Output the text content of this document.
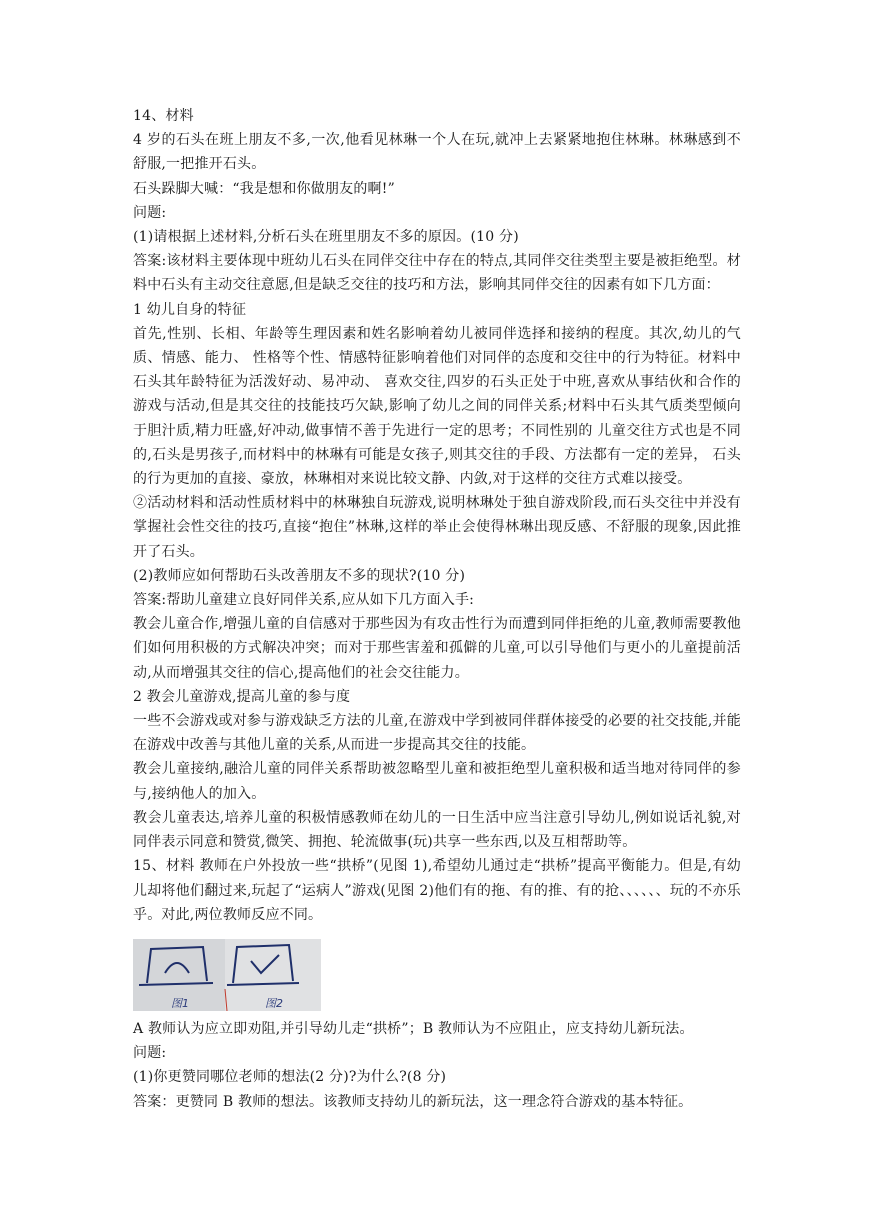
14、材料

4 岁的石头在班上朋友不多,一次,他看见林琳一个人在玩,就冲上去紧紧地抱住林琳。林琳感到不舒服,一把推开石头。

石头跺脚大喊：“我是想和你做朋友的啊!”

问题:

(1)请根据上述材料,分析石头在班里朋友不多的原因。(10 分)

答案:该材料主要体现中班幼儿石头在同伴交往中存在的特点,其同伴交往类型主要是被拒绝型。材料中石头有主动交往意愿,但是缺乏交往的技巧和方法，影响其同伴交往的因素有如下几方面：

1 幼儿自身的特征

首先,性别、长相、年龄等生理因素和姓名影响着幼儿被同伴选择和接纳的程度。其次,幼儿的气质、情感、能力、 性格等个性、情感特征影响着他们对同伴的态度和交往中的行为特征。材料中石头其年龄特征为活泼好动、易冲动、 喜欢交往,四岁的石头正处于中班,喜欢从事结伙和合作的游戏与活动,但是其交往的技能技巧欠缺,影响了幼儿之间的同伴关系;材料中石头其气质类型倾向于胆汁质,精力旺盛,好冲动,做事情不善于先进行一定的思考；不同性别的 儿童交往方式也是不同的,石头是男孩子,而材料中的林琳有可能是女孩子,则其交往的手段、方法都有一定的差异， 石头的行为更加的直接、豪放，林琳相对来说比较文静、内敛,对于这样的交往方式难以接受。

②活动材料和活动性质材料中的林琳独自玩游戏,说明林琳处于独自游戏阶段,而石头交往中并没有掌握社会性交往的技巧,直接“抱住”林琳,这样的举止会使得林琳出现反感、不舒服的现象,因此推开了石头。

(2)教师应如何帮助石头改善朋友不多的现状?(10 分)

答案:帮助儿童建立良好同伴关系,应从如下几方面入手:

教会儿童合作,增强儿童的自信感对于那些因为有攻击性行为而遭到同伴拒绝的儿童,教师需要教他们如何用积极的方式解决冲突；而对于那些害羞和孤僻的儿童,可以引导他们与更小的儿童提前活动,从而增强其交往的信心,提高他们的社会交往能力。

2 教会儿童游戏,提高儿童的参与度

一些不会游戏或对参与游戏缺乏方法的儿童,在游戏中学到被同伴群体接受的必要的社交技能,并能在游戏中改善与其他儿童的关系,从而进一步提高其交往的技能。

教会儿童接纳,融洽儿童的同伴关系帮助被忽略型儿童和被拒绝型儿童积极和适当地对待同伴的参与,接纳他人的加入。

教会儿童表达,培养儿童的积极情感教师在幼儿的一日生活中应当注意引导幼儿,例如说话礼貌,对同伴表示同意和赞赏,微笑、拥抱、轮流做事(玩)共享一些东西,以及互相帮助等。

15、材料 教师在户外投放一些“拱桥”(见图 1),希望幼儿通过走“拱桥”提高平衡能力。但是,有幼儿却将他们翻过来,玩起了“运病人”游戏(见图 2)他们有的拖、有的推、有的抢、、、、、、玩的不亦乐乎。对此,两位教师反应不同。

图1	图2

A 教师认为应立即劝阻,并引导幼儿走“拱桥”；B 教师认为不应阻止，应支持幼儿新玩法。

问题:

(1)你更赞同哪位老师的想法(2 分)?为什么?(8 分)

答案：更赞同 B 教师的想法。该教师支持幼儿的新玩法，这一理念符合游戏的基本特征。
